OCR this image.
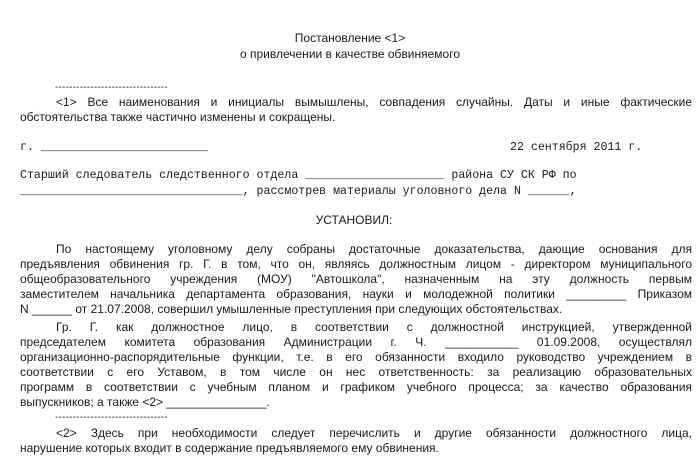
Постановление <1>
о привлечении в качестве обвиняемого
--------------------------------
<1> Все наименования и инициалы вымышлены, совпадения случайны. Даты и иные фактические
обстоятельства также частично изменены и сокращены.
г. ________________________	22 сентября 2011 г.
Старший следователь следственного отдела ____________________ района СУ СК РФ по
________________________________, рассмотрев материалы уголовного дела N ______,
УСТАНОВИЛ:
По настоящему уголовному делу собраны достаточные доказательства, дающие основания для
предъявления обвинения гр. Г. в том, что он, являясь должностным лицом - директором муниципального
общеобразовательного учреждения (МОУ) "Автошкола", назначенным на эту должность первым
заместителем начальника департамента образования, науки и молодежной политики _________ Приказом
N ______ от 21.07.2008, совершил умышленные преступления при следующих обстоятельствах.
Гр. Г. как должностное лицо, в соответствии с должностной инструкцией, утвержденной
председателем комитета образования Администрации г. Ч. ___________ 01.09.2008, осуществлял
организационно-распорядительные функции, т.е. в его обязанности входило руководство учреждением в
соответствии с его Уставом, в том числе он нес ответственность: за реализацию образовательных
программ в соответствии с учебным планом и графиком учебного процесса; за качество образования
выпускников; а также <2> _______________.
--------------------------------
<2> Здесь при необходимости следует перечислить и другие обязанности должностного лица,
нарушение которых входит в содержание предъявляемого ему обвинения.
